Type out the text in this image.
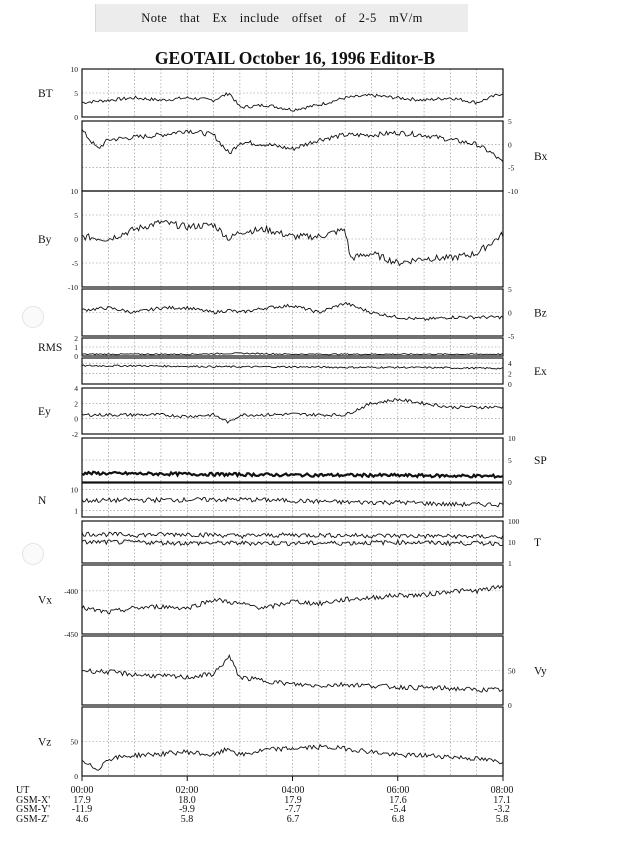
Note that Ex include offset of 2-5 mV/m
GEOTAIL October 16, 1996 Editor-B
10
5
0
BT
5
0
-5
-10
Bx
10
5
0
-5
-10
By
5
0
-5
Bz
2
1
0
RMS
4
2
0
Ex
4
2
0
-2
Ey
10
5
0
SP
10
1
N
100
10
1
T
-400
-450
Vx
50
0
Vy
50
0
Vz
UT
GSM-X'
GSM-Y'
GSM-Z'
00:00
17.9
-11.9
4.6
02:00
18.0
-9.9
5.8
04:00
17.9
-7.7
6.7
06:00
17.6
-5.4
6.8
08:00
17.1
-3.2
5.8
